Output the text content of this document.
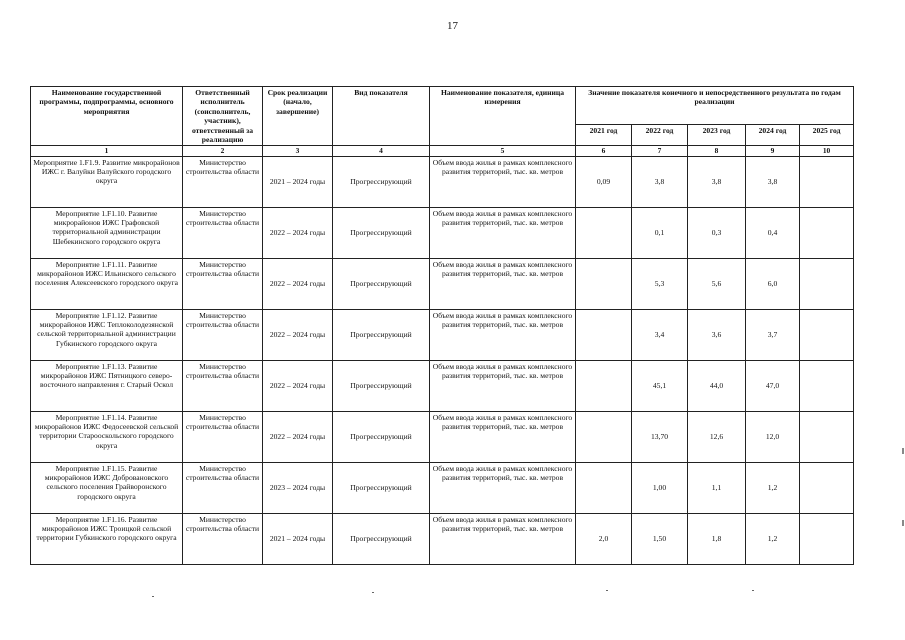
17
Наименование государственной программы, подпрограммы, основного мероприятия	Ответственный исполнитель (соисполнитель, участник), ответственный за реализацию	Срок реализации (начало, завершение)	Вид показателя	Наименование показателя, единица измерения	Значение показателя конечного и непосредственного результата по годам реализации				
					2021 год	2022 год	2023 год	2024 год	2025 год
1	2	3	4	5	6	7	8	9	10
Мероприятие 1.F1.9. Развитие микрорайонов ИЖС г. Валуйки Валуйского городского округа	Министерство строительства области	2021 – 2024 годы	Прогрессирующий	Объем ввода жилья в рамках комплексного развития территорий, тыс. кв. метров	0,09	3,8	3,8	3,8	
Мероприятие 1.F1.10. Развитие микрорайонов ИЖС Графовской территориальной администрации Шебекинского городского округа	Министерство строительства области	2022 – 2024 годы	Прогрессирующий	Объем ввода жилья в рамках комплексного развития территорий, тыс. кв. метров		0,1	0,3	0,4	
Мероприятие 1.F1.11. Развитие микрорайонов ИЖС Ильинского сельского поселения Алексеевского городского округа	Министерство строительства области	2022 – 2024 годы	Прогрессирующий	Объем ввода жилья в рамках комплексного развития территорий, тыс. кв. метров		5,3	5,6	6,0	
Мероприятие 1.F1.12. Развитие микрорайонов ИЖС Теплоколодезянской сельской территориальной администрации Губкинского городского округа	Министерство строительства области	2022 – 2024 годы	Прогрессирующий	Объем ввода жилья в рамках комплексного развития территорий, тыс. кв. метров		3,4	3,6	3,7	
Мероприятие 1.F1.13. Развитие микрорайонов ИЖС Пятницкого северо-восточного направления г. Старый Оскол	Министерство строительства области	2022 – 2024 годы	Прогрессирующий	Объем ввода жилья в рамках комплексного развития территорий, тыс. кв. метров		45,1	44,0	47,0	
Мероприятие 1.F1.14. Развитие микрорайонов ИЖС Федосеевской сельской территории Старооскольского городского округа	Министерство строительства области	2022 – 2024 годы	Прогрессирующий	Объем ввода жилья в рамках комплексного развития территорий, тыс. кв. метров		13,70	12,6	12,0	
Мероприятие 1.F1.15. Развитие микрорайонов ИЖС Добровановского сельского поселения Грайворонского городского округа	Министерство строительства области	2023 – 2024 годы	Прогрессирующий	Объем ввода жилья в рамках комплексного развития территорий, тыс. кв. метров		1,00	1,1	1,2	
Мероприятие 1.F1.16. Развитие микрорайонов ИЖС Троицкой сельской территории Губкинского городского округа	Министерство строительства области	2021 – 2024 годы	Прогрессирующий	Объем ввода жилья в рамках комплексного развития территорий, тыс. кв. метров	2,0	1,50	1,8	1,2	
